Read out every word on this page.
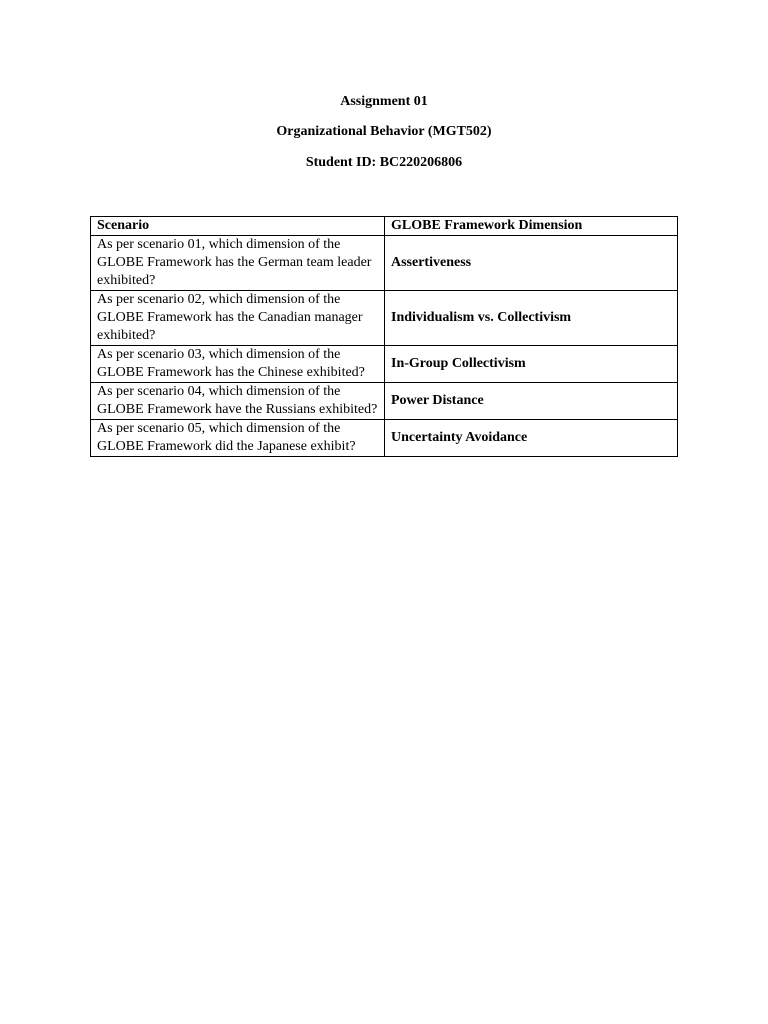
Assignment 01
Organizational Behavior (MGT502)
Student ID: BC220206806
Scenario	GLOBE Framework Dimension
As per scenario 01, which dimension of the GLOBE Framework has the German team leader exhibited?	Assertiveness
As per scenario 02, which dimension of the GLOBE Framework has the Canadian manager exhibited?	Individualism vs. Collectivism
As per scenario 03, which dimension of the GLOBE Framework has the Chinese exhibited?	In-Group Collectivism
As per scenario 04, which dimension of the GLOBE Framework have the Russians exhibited?	Power Distance
As per scenario 05, which dimension of the GLOBE Framework did the Japanese exhibit?	Uncertainty Avoidance
